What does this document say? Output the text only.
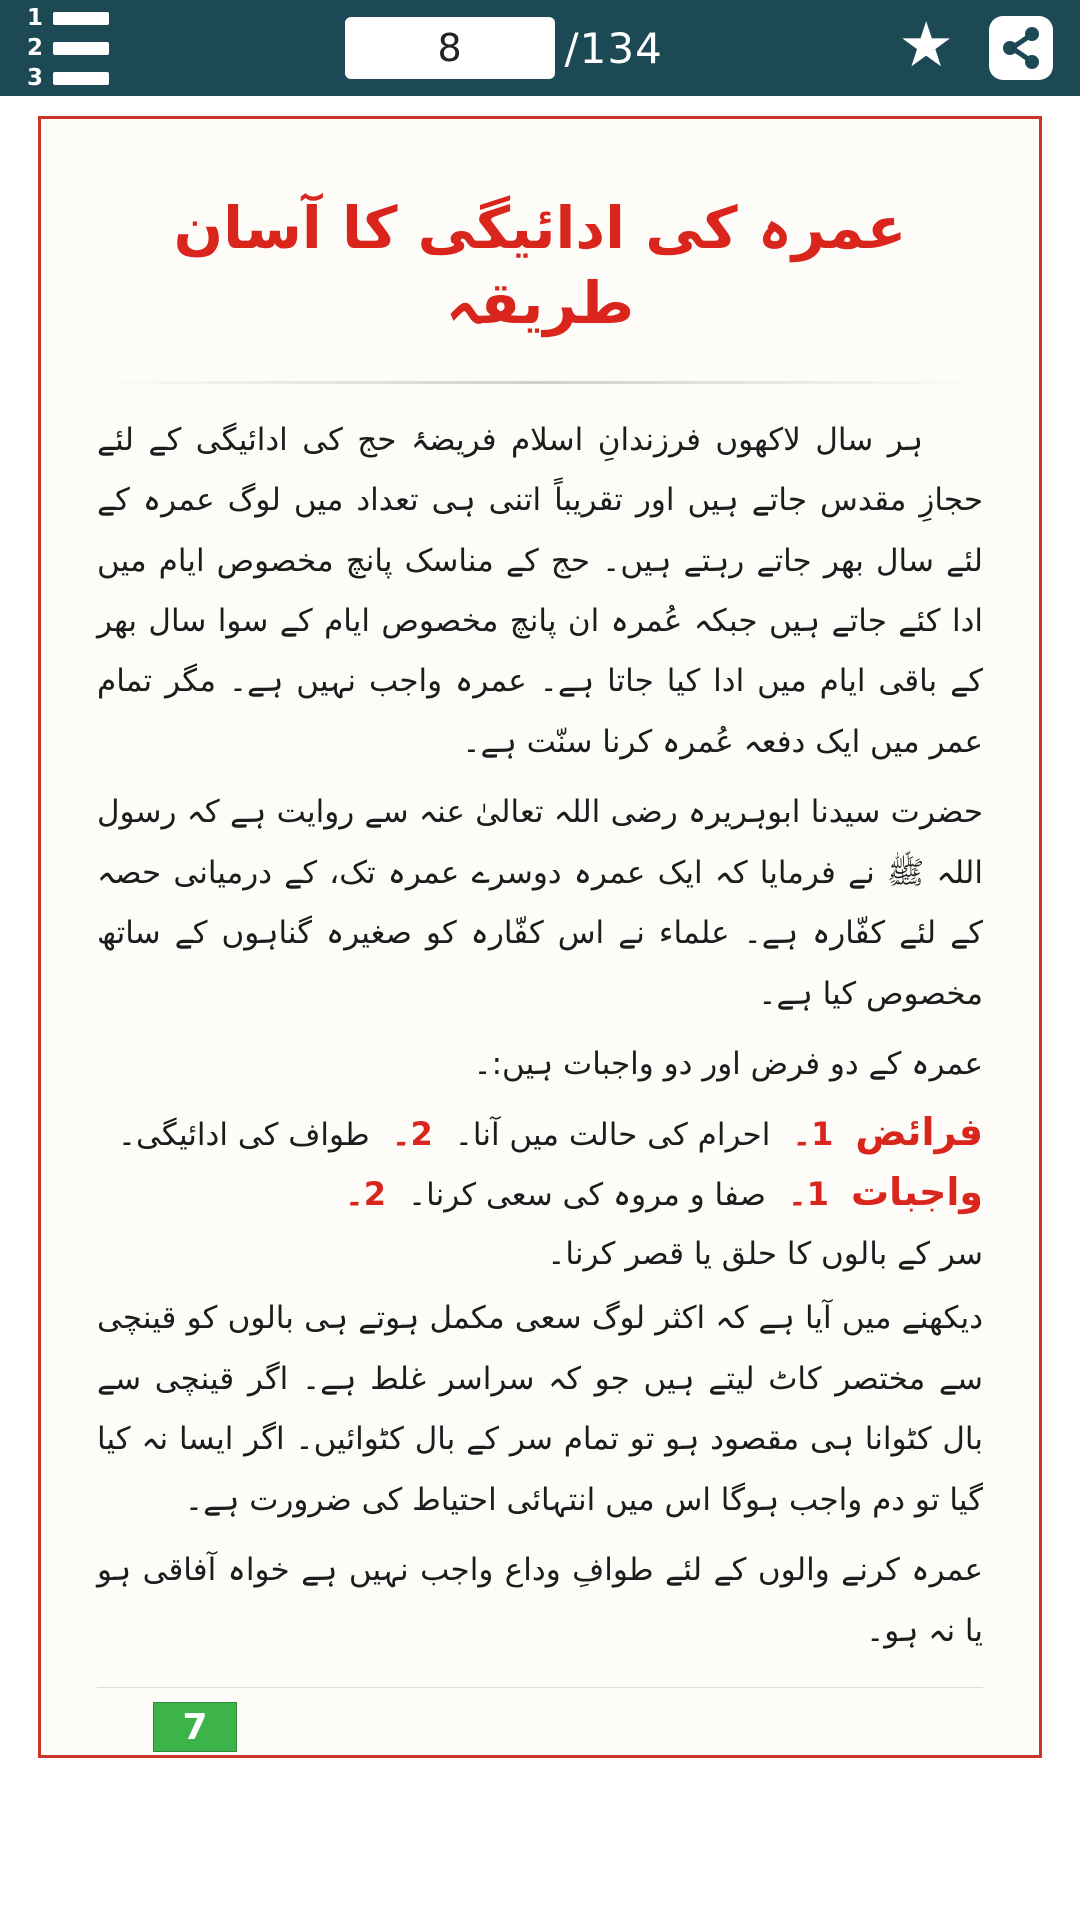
1
2
3
8
/134	★
عمرہ کی ادائیگی کا آسان طریقہ

ہر سال لاکھوں فرزندانِ اسلام فریضۂ حج کی ادائیگی کے لئے حجازِ مقدس جاتے ہیں اور تقریباً اتنی ہی تعداد میں لوگ عمرہ کے لئے سال بھر جاتے رہتے ہیں۔ حج کے مناسک پانچ مخصوص ایام میں ادا کئے جاتے ہیں جبکہ عُمرہ ان پانچ مخصوص ایام کے سوا سال بھر کے باقی ایام میں ادا کیا جاتا ہے۔ عمرہ واجب نہیں ہے۔ مگر تمام عمر میں ایک دفعہ عُمرہ کرنا سنّت ہے۔

حضرت سیدنا ابوہریرہ رضی اللہ تعالیٰ عنہ سے روایت ہے کہ رسول اللہ ﷺ نے فرمایا کہ ایک عمرہ دوسرے عمرہ تک، کے درمیانی حصہ کے لئے کفّارہ ہے۔ علماء نے اس کفّارہ کو صغیرہ گناہوں کے ساتھ مخصوص کیا ہے۔

عمرہ کے دو فرض اور دو واجبات ہیں:۔

فرائض
1۔
احرام کی حالت میں آنا۔
2۔
طواف کی ادائیگی۔
واجبات
1۔
صفا و مروہ کی سعی کرنا۔
2۔
سر کے بالوں کا حلق یا قصر کرنا۔

دیکھنے میں آیا ہے کہ اکثر لوگ سعی مکمل ہوتے ہی بالوں کو قینچی سے مختصر کاٹ لیتے ہیں جو کہ سراسر غلط ہے۔ اگر قینچی سے بال کٹوانا ہی مقصود ہو تو تمام سر کے بال کٹوائیں۔ اگر ایسا نہ کیا گیا تو دم واجب ہوگا اس میں انتہائی احتیاط کی ضرورت ہے۔

عمرہ کرنے والوں کے لئے طوافِ وداع واجب نہیں ہے خواہ آفاقی ہو یا نہ ہو۔

7
